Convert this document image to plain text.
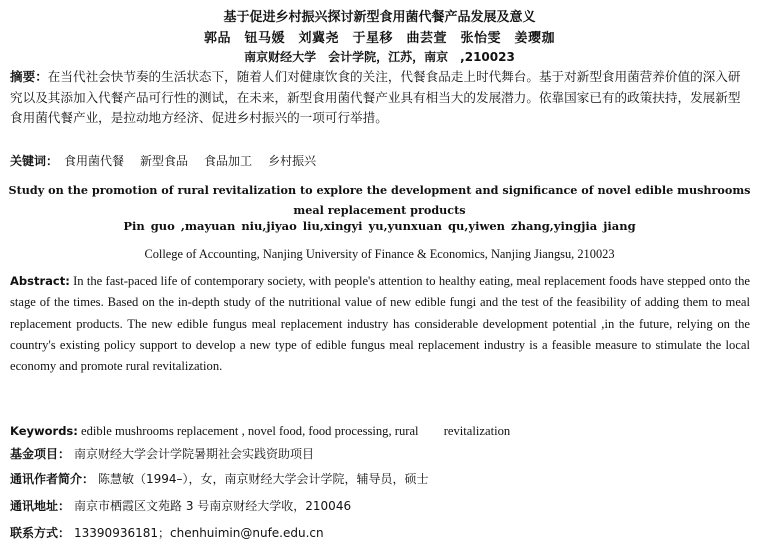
基于促进乡村振兴探讨新型食用菌代餐产品发展及意义
郭品　钮马媛　刘冀尧　于星移　曲芸萱　张怡雯　姜璎珈
南京财经大学　会计学院，江苏，南京　,210023
摘要：在当代社会快节奏的生活状态下，随着人们对健康饮食的关注，代餐食品走上时代舞台。基于对新型食用菌营养价值的深入研究以及其添加入代餐产品可行性的测试，在未来，新型食用菌代餐产业具有相当大的发展潜力。依靠国家已有的政策扶持，发展新型食用菌代餐产业，是拉动地方经济、促进乡村振兴的一项可行举措。
关键词： 食用菌代餐 新型食品 食品加工 乡村振兴
Study on the promotion of rural revitalization to explore the development and significance of novel edible mushrooms meal replacement products
Pin guo ,mayuan niu,jiyao liu,xingyi yu,yunxuan qu,yiwen zhang,yingjia jiang
College of Accounting, Nanjing University of Finance & Economics, Nanjing Jiangsu, 210023
Abstract: In the fast-paced life of contemporary society, with people's attention to healthy eating, meal replacement foods have stepped onto the stage of the times. Based on the in-depth study of the nutritional value of new edible fungi and the test of the feasibility of adding them to meal replacement products. The new edible fungus meal replacement industry has considerable development potential ,in the future, relying on the country's existing policy support to develop a new type of edible fungus meal replacement industry is a feasible measure to stimulate the local economy and promote rural revitalization.
Keywords: edible mushrooms replacement , novel food, food processing, rural　　revitalization
基金项目： 南京财经大学会计学院暑期社会实践资助项目
通讯作者简介： 陈慧敏（1994–），女，南京财经大学会计学院，辅导员，硕士
通讯地址： 南京市栖霞区文苑路 3 号南京财经大学收，210046
联系方式： 13390936181；chenhuimin@nufe.edu.cn
